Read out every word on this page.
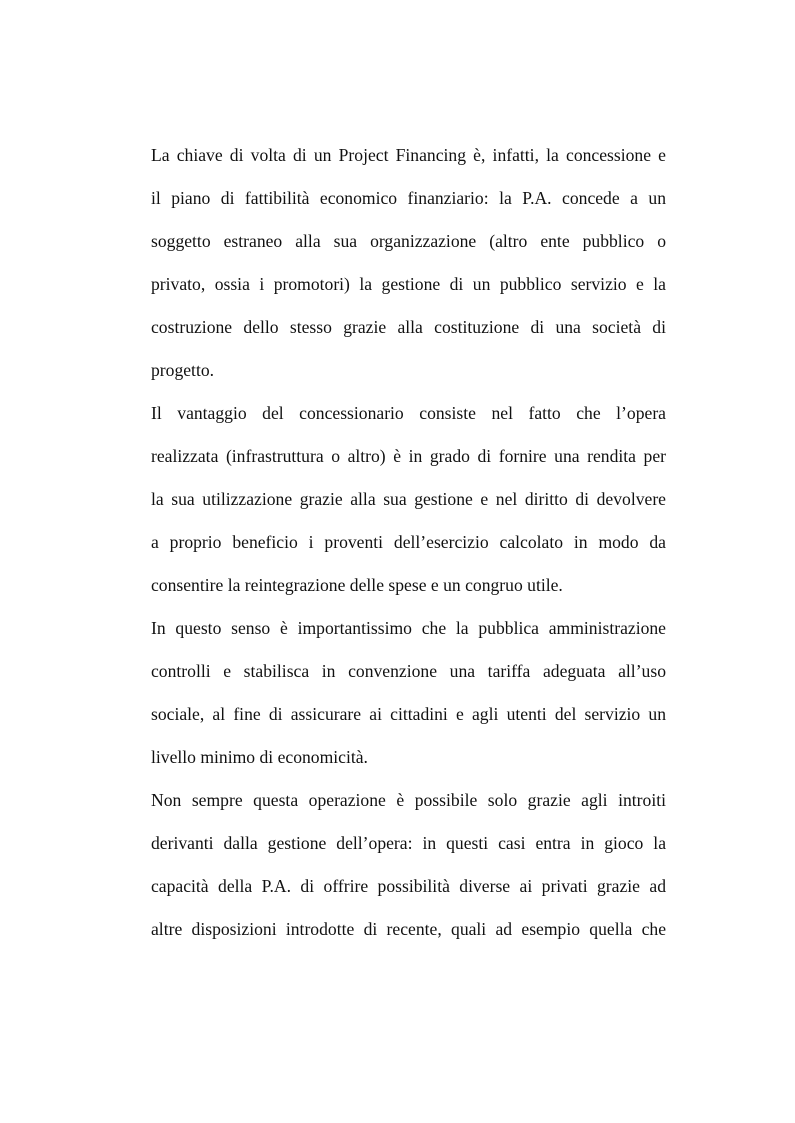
La chiave di volta di un Project Financing è, infatti, la concessione e
il piano di fattibilità economico finanziario: la P.A. concede a un
soggetto estraneo alla sua organizzazione (altro ente pubblico o
privato, ossia i promotori) la gestione di un pubblico servizio e la
costruzione dello stesso grazie alla costituzione di una società di
progetto.
Il vantaggio del concessionario consiste nel fatto che l’opera
realizzata (infrastruttura o altro) è in grado di fornire una rendita per
la sua utilizzazione grazie alla sua gestione e nel diritto di devolvere
a proprio beneficio i proventi dell’esercizio calcolato in modo da
consentire la reintegrazione delle spese e un congruo utile.
In questo senso è importantissimo che la pubblica amministrazione
controlli e stabilisca in convenzione una tariffa adeguata all’uso
sociale, al fine di assicurare ai cittadini e agli utenti del servizio un
livello minimo di economicità.
Non sempre questa operazione è possibile solo grazie agli introiti
derivanti dalla gestione dell’opera: in questi casi entra in gioco la
capacità della P.A. di offrire possibilità diverse ai privati grazie ad
altre disposizioni introdotte di recente, quali ad esempio quella che
